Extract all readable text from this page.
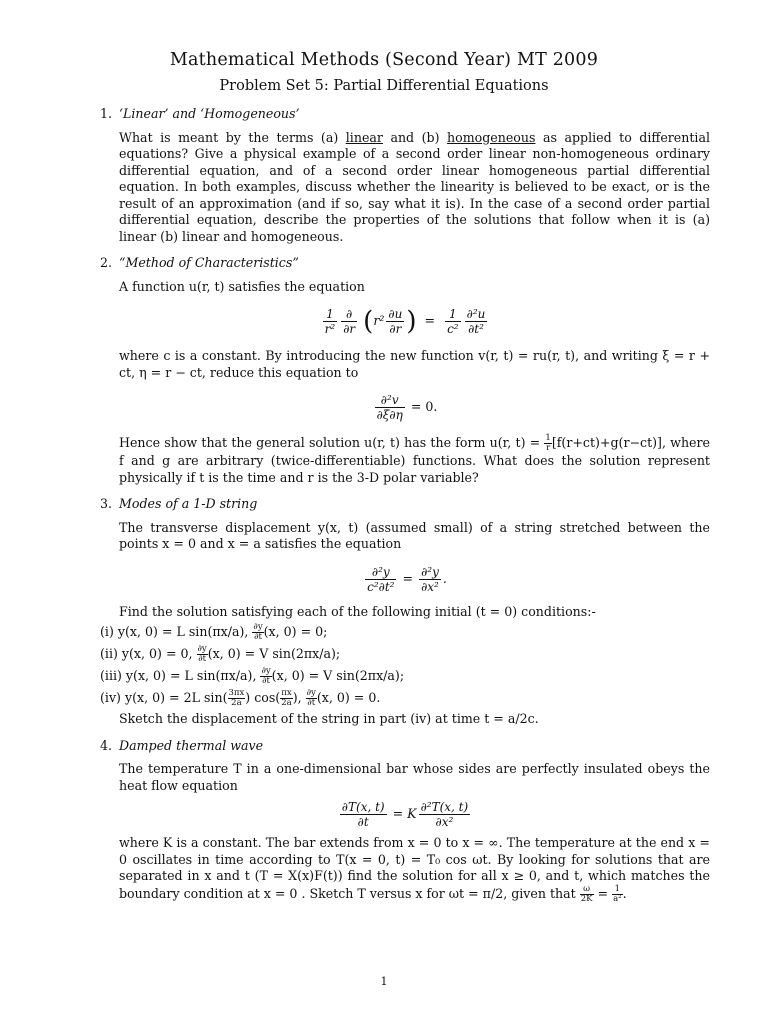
Mathematical Methods (Second Year) MT 2009
Problem Set 5: Partial Differential Equations
1. ‘Linear’ and ‘Homogeneous’
What is meant by the terms (a) linear and (b) homogeneous as applied to differential equations? Give a physical example of a second order linear non-homogeneous ordinary differential equation, and of a second order linear homogeneous partial differential equation. In both examples, discuss whether the linearity is believed to be exact, or is the result of an approximation (and if so, say what it is). In the case of a second order partial differential equation, describe the properties of the solutions that follow when it is (a) linear (b) linear and homogeneous.
2. “Method of Characteristics”
A function u(r, t) satisfies the equation
$\frac{1}{\text{r²}} \frac{\partial}{\partial r} (r^2 \frac{\partial u}{\partial r}$ ) = $\frac{1}{\text{c²}} \frac{\text{∂²u}}{\text{∂t²}}$
where c is a constant. By introducing the new function v(r, t) = ru(r, t), and writing ξ = r + ct, η = r − ct, reduce this equation to
$\frac{\text{∂²v}}{\partial\xi\partial\eta} = 0$.
Hence show that the general solution u(r, t) has the form u(r, $t) = \frac{1}{r} [f(r+ct)+g(r-ct)]$, where f and g are arbitrary (twice-differentiable) functions. What does the solution represent physically if t is the time and r is the 3-D polar variable?
3. Modes of a 1-D string
The transverse displacement y(x, t) (assumed small) of a string stretched between the points x = 0 and x = a satisfies the equation
$\frac{\text{∂²y}}{\text{c²∂t²}} = \frac{\text{∂²y}}{\text{∂x²}}$ .
Find the solution satisfying each of the following initial (t = 0) conditions:-
(i) y(x, 0) = L sin(πx/a), $\frac{\partial y}{\partial t} (x$, 0) = 0;
(ii) y(x, 0) = 0, $\frac{\partial y}{\partial t} (x$, 0) = V sin(2πx/a);
(iii) y(x, 0) = L sin(πx/a), $\frac{\partial y}{\partial t} (x$, 0) = V sin(2πx/a);
(iv) y(x, 0) = 2L $\sin( \frac{3\pi x}{2a}$ ) $\cos( \frac{\pi x}{2a}$ ), $\frac{\partial y}{\partial t} (x$, 0) = 0.
Sketch the displacement of the string in part (iv) at time t = a/2c.
4. Damped thermal wave
The temperature T in a one-dimensional bar whose sides are perfectly insulated obeys the heat flow equation
$\frac{\partial T(x, t)}{\partial t} = K \frac{\text{∂²T(x, t)}}{\text{∂x²}}$
where K is a constant. The bar extends from x = 0 to x = ∞. The temperature at the end x = 0 oscillates in time according to T(x = 0, t) = T₀ cos ωt. By looking for solutions that are separated in x and t (T = X(x)F(t)) find the solution for all x ≥ 0, and t, which matches the boundary condition at x = 0 . Sketch T versus x for ωt = π/2, given that $\frac{\omega}{2K} = \frac{1}{\text{a²}}$ .
1
